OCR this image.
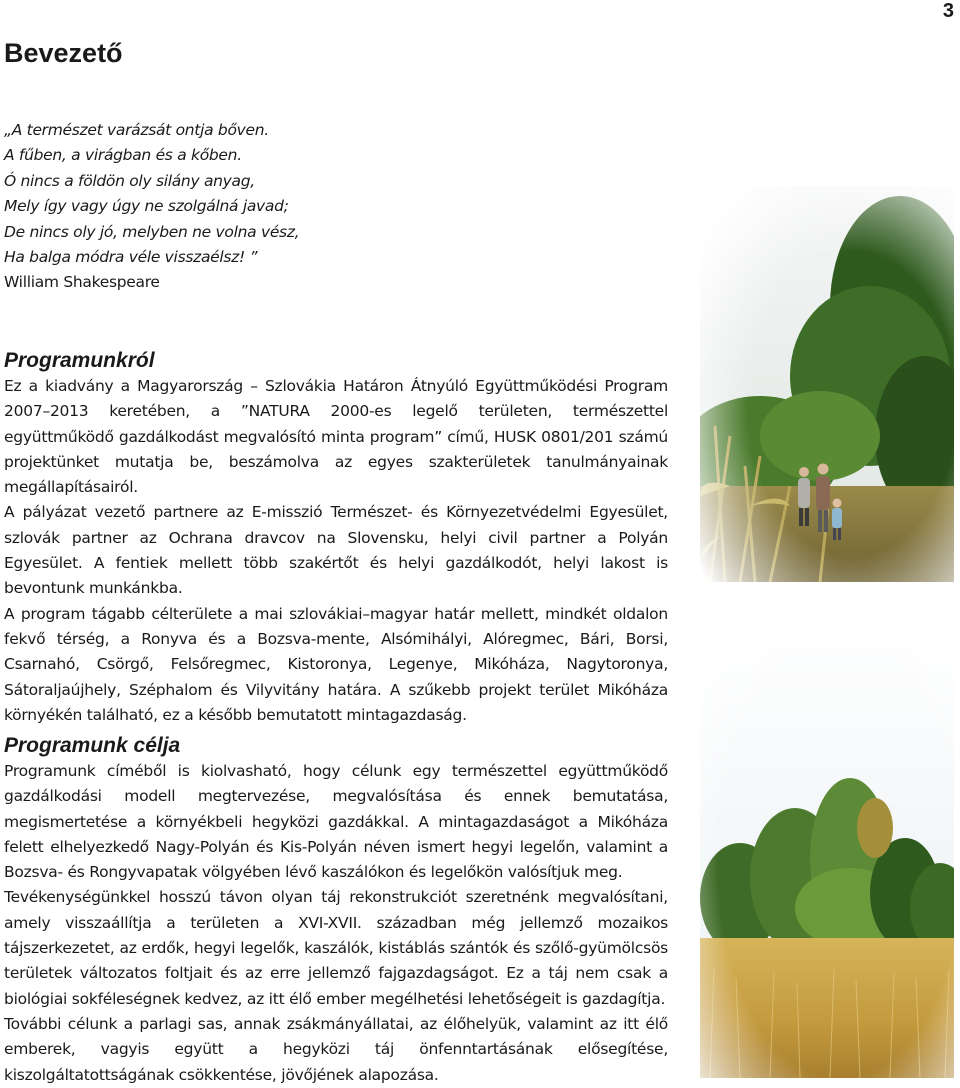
3
Bevezető
„A természet varázsát ontja bőven.
A fűben, a virágban és a kőben.
Ó nincs a földön oly silány anyag,
Mely így vagy úgy ne szolgálná javad;
De nincs oly jó, melyben ne volna vész,
Ha balga módra véle visszaélsz! ”
William Shakespeare
Programunkról

Ez a kiadvány a Magyarország – Szlovákia Határon Átnyúló Együttműködési Program 2007–2013 keretében, a ”NATURA 2000-es legelő területen, természettel együttműködő gazdálkodást megvalósító minta program” című, HUSK 0801/201 számú projektünket mutatja be, beszámolva az egyes szakterületek tanulmányainak megállapításairól.

A pályázat vezető partnere az E-misszió Természet- és Környezetvédelmi Egyesület, szlovák partner az Ochrana dravcov na Slovensku, helyi civil partner a Polyán Egyesület. A fentiek mellett több szakértőt és helyi gazdálkodót, helyi lakost is bevontunk munkánkba.

A program tágabb célterülete a mai szlovákiai–magyar határ mellett, mindkét oldalon fekvő térség, a Ronyva és a Bozsva-mente, Alsómihályi, Alóregmec, Bári, Borsi, Csarnahó, Csörgő, Felsőregmec, Kistoronya, Legenye, Mikóháza, Nagytoronya, Sátoraljaújhely, Széphalom és Vilyvitány határa. A szűkebb projekt terület Mikóháza környékén található, ez a később bemutatott mintagazdaság.

Programunk célja

Programunk címéből is kiolvasható, hogy célunk egy természettel együttműködő gazdálkodási modell megtervezése, megvalósítása és ennek bemutatása, megismertetése a környékbeli hegyközi gazdákkal. A mintagazdaságot a Mikóháza felett elhelyezkedő Nagy-Polyán és Kis-Polyán néven ismert hegyi legelőn, valamint a Bozsva- és Rongyvapatak völgyében lévő kaszálókon és legelőkön valósítjuk meg.

Tevékenységünkkel hosszú távon olyan táj rekonstrukciót szeretnénk megvalósítani, amely visszaállítja a területen a XVI-XVII. században még jellemző mozaikos tájszerkezetet, az erdők, hegyi legelők, kaszálók, kistáblás szántók és szőlő-gyümölcsös területek változatos foltjait és az erre jellemző fajgazdagságot. Ez a táj nem csak a biológiai sokféleségnek kedvez, az itt élő ember megélhetési lehetőségeit is gazdagítja.

További célunk a parlagi sas, annak zsákmányállatai, az élőhelyük, valamint az itt élő emberek, vagyis együtt a hegyközi táj önfenntartásának elősegítése, kiszolgáltatottságának csökkentése, jövőjének alapozása.
